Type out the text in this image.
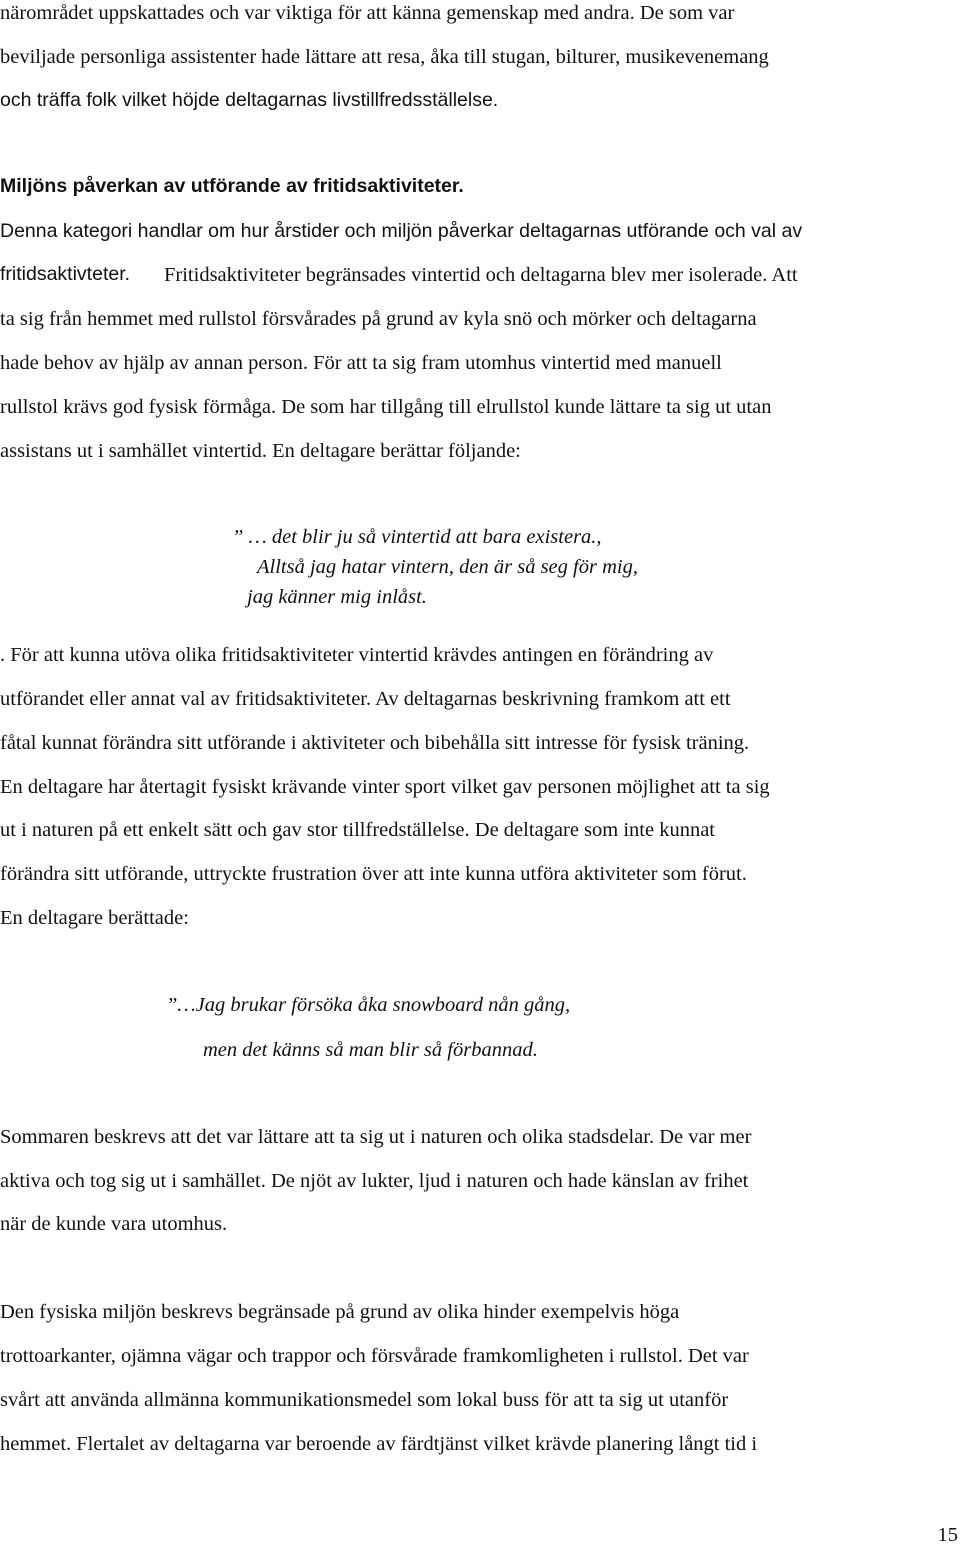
närområdet uppskattades och var viktiga för att känna gemenskap med andra. De som var
beviljade personliga assistenter hade lättare att resa, åka till stugan, bilturer, musikevenemang
och träffa folk vilket höjde deltagarnas livstillfredsställelse.
Miljöns påverkan av utförande av fritidsaktiviteter.
Denna kategori handlar om hur årstider och miljön påverkar deltagarnas utförande och val av
fritidsaktivteter. Fritidsaktiviteter begränsades vintertid och deltagarna blev mer isolerade. Att
ta sig från hemmet med rullstol försvårades på grund av kyla snö och mörker och deltagarna
hade behov av hjälp av annan person. För att ta sig fram utomhus vintertid med manuell
rullstol krävs god fysisk förmåga. De som har tillgång till elrullstol kunde lättare ta sig ut utan
assistans ut i samhället vintertid. En deltagare berättar följande:
” … det blir ju så vintertid att bara existera.,
Alltså jag hatar vintern, den är så seg för mig,
jag känner mig inlåst.
. För att kunna utöva olika fritidsaktiviteter vintertid krävdes antingen en förändring av
utförandet eller annat val av fritidsaktiviteter. Av deltagarnas beskrivning framkom att ett
fåtal kunnat förändra sitt utförande i aktiviteter och bibehålla sitt intresse för fysisk träning.
En deltagare har återtagit fysiskt krävande vinter sport vilket gav personen möjlighet att ta sig
ut i naturen på ett enkelt sätt och gav stor tillfredställelse. De deltagare som inte kunnat
förändra sitt utförande, uttryckte frustration över att inte kunna utföra aktiviteter som förut.
En deltagare berättade:
”…Jag brukar försöka åka snowboard nån gång,
men det känns så man blir så förbannad.
Sommaren beskrevs att det var lättare att ta sig ut i naturen och olika stadsdelar. De var mer
aktiva och tog sig ut i samhället. De njöt av lukter, ljud i naturen och hade känslan av frihet
när de kunde vara utomhus.
Den fysiska miljön beskrevs begränsade på grund av olika hinder exempelvis höga
trottoarkanter, ojämna vägar och trappor och försvårade framkomligheten i rullstol. Det var
svårt att använda allmänna kommunikationsmedel som lokal buss för att ta sig ut utanför
hemmet. Flertalet av deltagarna var beroende av färdtjänst vilket krävde planering långt tid i
15
